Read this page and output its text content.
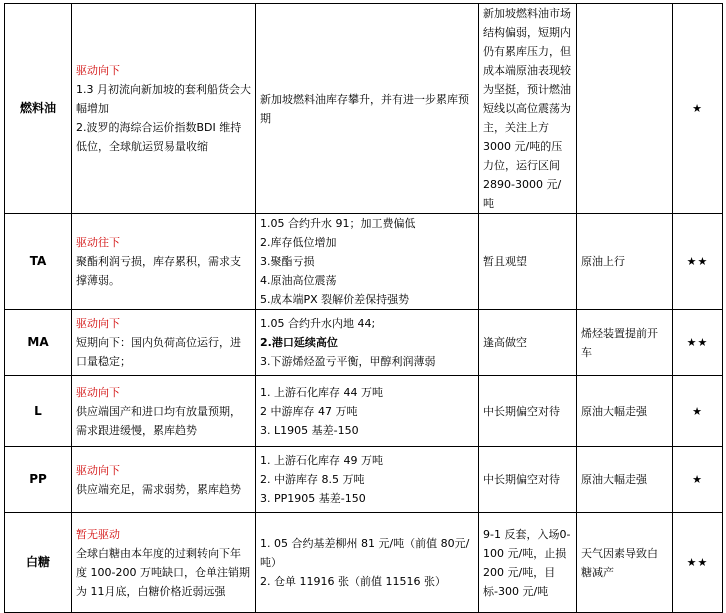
燃料油	驱动向下
1.3 月初流向新加坡的套利船货会大幅增加
2.波罗的海综合运价指数BDI 维持低位，全球航运贸易量收缩	新加坡燃料油库存攀升，并有进一步累库预期	新加坡燃料油市场结构偏弱，短期内仍有累库压力，但成本端原油表现较为坚挺，预计燃油短线以高位震荡为主，关注上方3000 元/吨的压力位，运行区间2890-3000 元/吨		★
TA	驱动往下
聚酯利润亏损，库存累积，需求支撑薄弱。	1.05 合约升水 91；加工费偏低
2.库存低位增加
3.聚酯亏损
4.原油高位震荡
5.成本端PX 裂解价差保持强势	暂且观望	原油上行	★★
MA	驱动向下
短期向下：国内负荷高位运行，进口量稳定；	1.05 合约升水内地 44;
2.港口延续高位
3.下游烯烃盈亏平衡，甲醇利润薄弱	逢高做空	烯烃装置提前开车	★★
L	驱动向下
供应端国产和进口均有放量预期，需求跟进缓慢，累库趋势	1. 上游石化库存 44 万吨
2 中游库存 47 万吨
3. L1905 基差-150	中长期偏空对待	原油大幅走强	★
PP	驱动向下
供应端充足，需求弱势，累库趋势	1. 上游石化库存 49 万吨
2. 中游库存 8.5 万吨
3. PP1905 基差-150	中长期偏空对待	原油大幅走强	★
白糖	暂无驱动
全球白糖由本年度的过剩转向下年度 100-200 万吨缺口，仓单注销期为 11月底，白糖价格近弱远强	1. 05 合约基差柳州 81 元/吨（前值 80元/吨）
2. 仓单 11916 张（前值 11516 张）	9-1 反套，入场0-100 元/吨，止损 200 元/吨，目标-300 元/吨	天气因素导致白糖减产	★★
